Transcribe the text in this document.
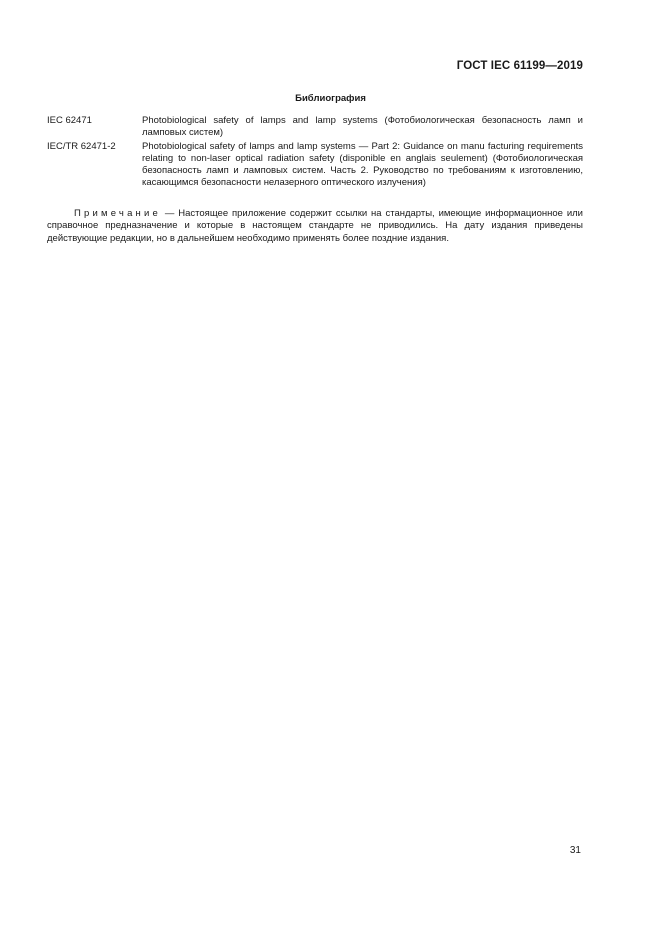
ГОСТ IEC 61199—2019
Библиография
IEC 62471	Photobiological safety of lamps and lamp systems (Фотобиологическая безопасность ламп и ламповых систем)
IEC/TR 62471-2	Photobiological safety of lamps and lamp systems — Part 2: Guidance on manu facturing requirements relating to non-laser optical radiation safety (disponible en anglais seulement) (Фотобиологическая безопасность ламп и ламповых систем. Часть 2. Руководство по требованиям к изготовлению, касающимся безопасности нелазерного оптического излучения)
Примечание — Настоящее приложение содержит ссылки на стандарты, имеющие информационное или справочное предназначение и которые в настоящем стандарте не приводились. На дату издания приведены действующие редакции, но в дальнейшем необходимо применять более поздние издания.
31
